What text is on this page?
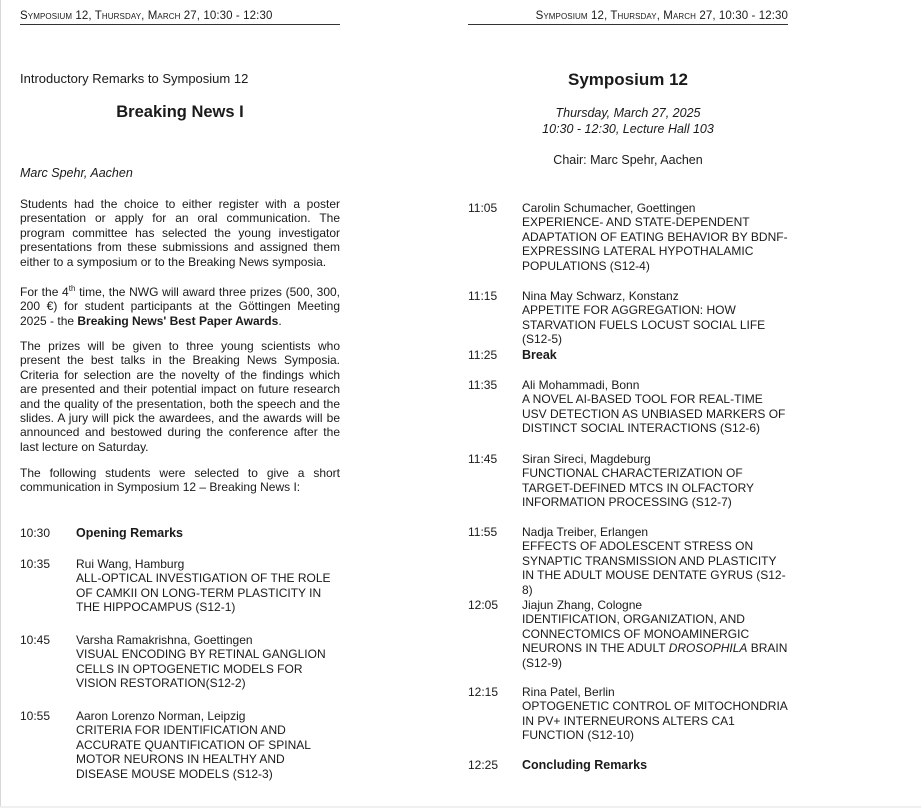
Symposium 12, Thursday, March 27, 10:30 - 12:30
Introductory Remarks to Symposium 12
Breaking News I
Marc Spehr, Aachen
Students had the choice to either register with a poster presentation or apply for an oral communication. The program committee has selected the young investigator presentations from these submissions and assigned them either to a symposium or to the Breaking News symposia.
For the 4th time, the NWG will award three prizes (500, 300, 200 €) for student participants at the Göttingen Meeting 2025 - the Breaking News' Best Paper Awards.
The prizes will be given to three young scientists who present the best talks in the Breaking News Symposia. Criteria for selection are the novelty of the findings which are presented and their potential impact on future research and the quality of the presentation, both the speech and the slides. A jury will pick the awardees, and the awards will be announced and bestowed during the conference after the last lecture on Saturday.
The following students were selected to give a short communication in Symposium 12 – Breaking News I:
10:30	Opening Remarks
10:35	Rui Wang, Hamburg
ALL-OPTICAL INVESTIGATION OF THE ROLE OF CAMKII ON LONG-TERM PLASTICITY IN THE HIPPOCAMPUS (S12-1)
10:45	Varsha Ramakrishna, Goettingen
VISUAL ENCODING BY RETINAL GANGLION CELLS IN OPTOGENETIC MODELS FOR VISION RESTORATION(S12-2)
10:55	Aaron Lorenzo Norman, Leipzig
CRITERIA FOR IDENTIFICATION AND ACCURATE QUANTIFICATION OF SPINAL MOTOR NEURONS IN HEALTHY AND DISEASE MOUSE MODELS (S12-3)
Symposium 12, Thursday, March 27, 10:30 - 12:30
Symposium 12
Thursday, March 27, 2025
10:30 - 12:30, Lecture Hall 103
Chair: Marc Spehr, Aachen
11:05	Carolin Schumacher, Goettingen
EXPERIENCE- AND STATE-DEPENDENT ADAPTATION OF EATING BEHAVIOR BY BDNF-EXPRESSING LATERAL HYPOTHALAMIC POPULATIONS (S12-4)
11:15	Nina May Schwarz, Konstanz
APPETITE FOR AGGREGATION: HOW STARVATION FUELS LOCUST SOCIAL LIFE (S12-5)
11:25	Break
11:35	Ali Mohammadi, Bonn
A NOVEL AI-BASED TOOL FOR REAL-TIME USV DETECTION AS UNBIASED MARKERS OF DISTINCT SOCIAL INTERACTIONS (S12-6)
11:45	Siran Sireci, Magdeburg
FUNCTIONAL CHARACTERIZATION OF TARGET-DEFINED MTCS IN OLFACTORY INFORMATION PROCESSING (S12-7)
11:55	Nadja Treiber, Erlangen
EFFECTS OF ADOLESCENT STRESS ON SYNAPTIC TRANSMISSION AND PLASTICITY IN THE ADULT MOUSE DENTATE GYRUS (S12-8)
12:05	Jiajun Zhang, Cologne
IDENTIFICATION, ORGANIZATION, AND CONNECTOMICS OF MONOAMINERGIC NEURONS IN THE ADULT DROSOPHILA BRAIN (S12-9)
12:15	Rina Patel, Berlin
OPTOGENETIC CONTROL OF MITOCHONDRIA IN PV+ INTERNEURONS ALTERS CA1 FUNCTION (S12-10)
12:25	Concluding Remarks
